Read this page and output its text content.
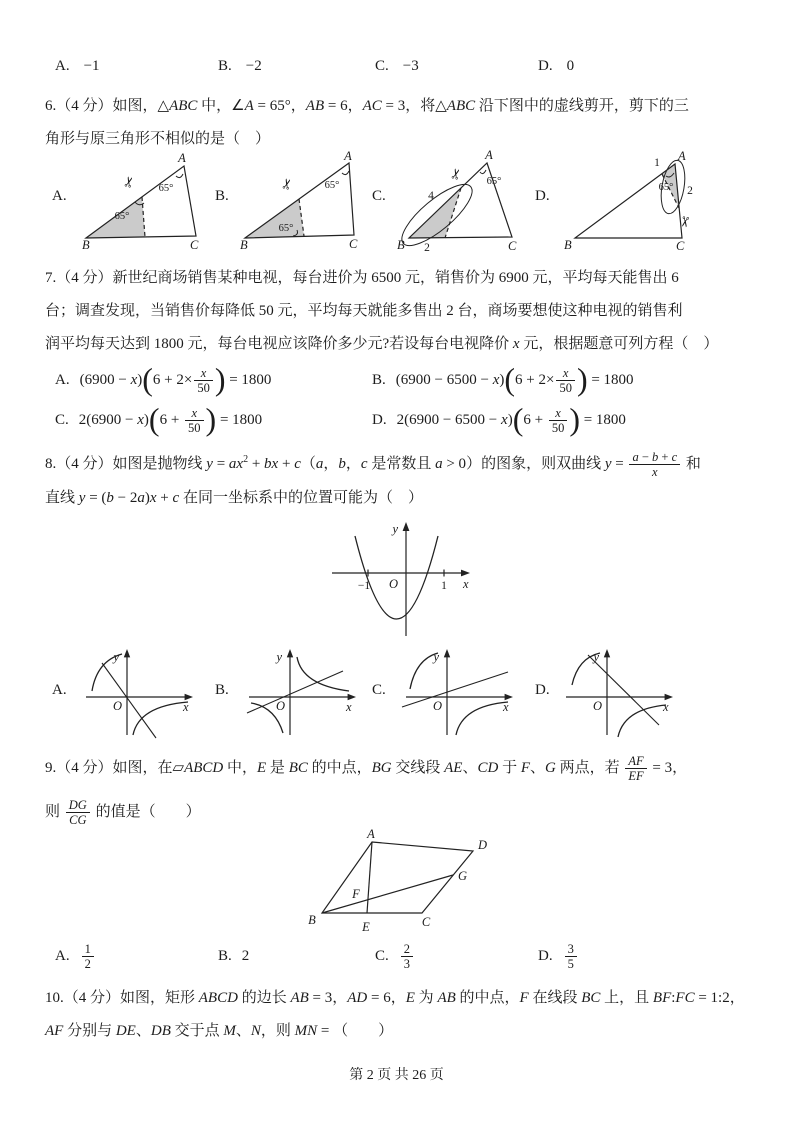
A. −1	B. −2	C. −3	D. 0
6.（4 分）如图，△ABC 中，∠A = 65°，AB = 6，AC = 3，将△ABC 沿下图中的虚线剪开，剪下的三
角形与原三角形不相似的是（　）
A.	65°
65°
A
B	C
✂
B.
65°
65°
A
B	C
✂
C.
65°
4
2
A
B	C
✂
D.
65°
1
2
A
B	C
✂
7.（4 分）新世纪商场销售某种电视，每台进价为 6500 元，销售价为 6900 元，平均每天能售出 6
台；调查发现，当销售价每降低 50 元，平均每天就能多售出 2 台，商场要想使这种电视的销售利
润平均每天达到 1800 元，每台电视应该降价多少元?若设每台电视降价 x 元，根据题意可列方程（　）
A. $(6900 - x)(6 + 2\times \frac{x}{50}$ ) = 1800	B. $(6900 - 6500 - x)(6 + 2\times \frac{x}{50}$ ) = 1800
C. $2(6900 - x)(6 + \frac{x}{50}$ ) = 1800	D. $2(6900 - 6500 - x)(6 + \frac{x}{50}$ ) = 1800
8.（4 分）如图是抛物线 $y = ax^2$ + bx + c（a，b，c 是常数且 a > 0）的图象，则双曲线 $y = \frac{a - b + c}{x}$ 和
直线 y = (b − 2a)x + c 在同一坐标系中的位置可能为（　）
y
x
O
−1	1
A.
y
x
O
B.
y
x
O
C.
y
x
O
D.
y
x
O
9.（4 分）如图，在▱ABCD 中，E 是 BC 的中点，BG 交线段 AE、CD 于 F、G 两点，若 $\frac{AF}{EF} = 3$，
则 $\frac{DG}{CG}$ 的值是（　　）
A
D
B	C
E
G
F
A. $\frac{1}{2}$	B. 2	C. $\frac{2}{3}$	D. $\frac{3}{5}$
10.（4 分）如图，矩形 ABCD 的边长 AB = 3，AD = 6，E 为 AB 的中点，F 在线段 BC 上，且 BF:FC = 1:2，
AF 分别与 DE、DB 交于点 M、N，则 MN = （　　）
第 2 页 共 26 页
